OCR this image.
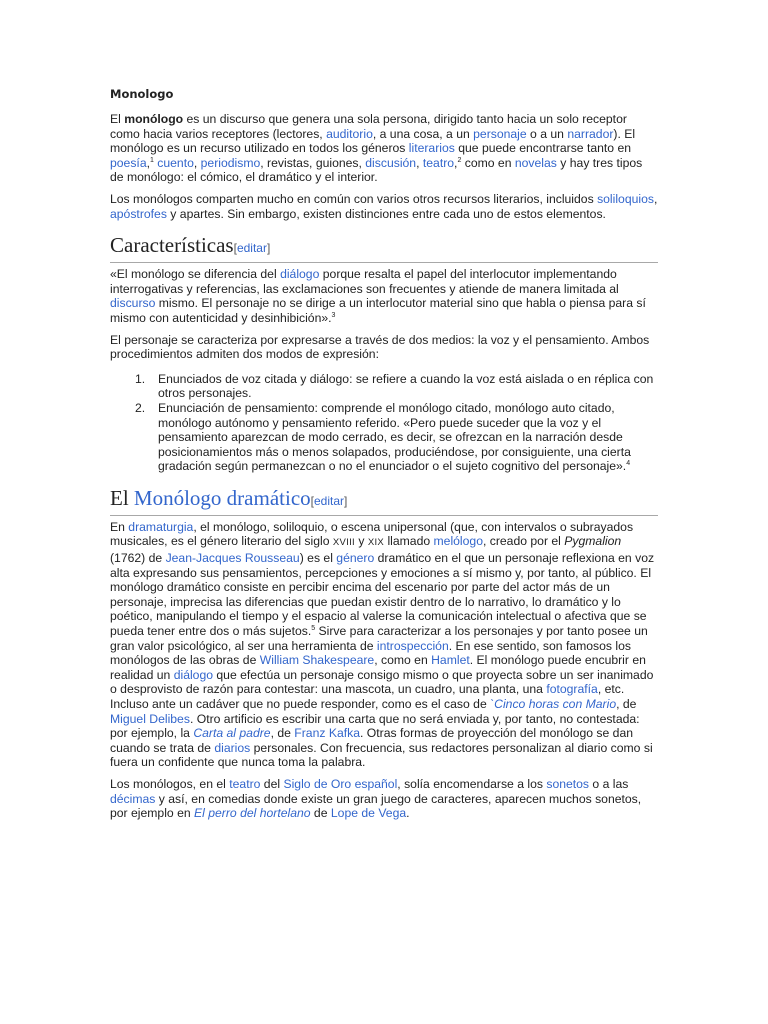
Monologo

El monólogo es un discurso que genera una sola persona, dirigido tanto hacia un solo receptor como hacia varios receptores (lectores, auditorio, a una cosa, a un personaje o a un narrador). El monólogo es un recurso utilizado en todos los géneros literarios que puede encontrarse tanto en poesía,$^1$ cuento, periodismo, revistas, guiones, discusión, teatro,$^2$ como en novelas y hay tres tipos de monólogo: el cómico, el dramático y el interior.

Los monólogos comparten mucho en común con varios otros recursos literarios, incluidos soliloquios, apóstrofes y apartes. Sin embargo, existen distinciones entre cada uno de estos elementos.

Características[editar]

«El monólogo se diferencia del diálogo porque resalta el papel del interlocutor implementando interrogativas y referencias, las exclamaciones son frecuentes y atiende de manera limitada al discurso mismo. El personaje no se dirige a un interlocutor material sino que habla o piensa para sí mismo con autenticidad y desinhibición».$^3$

El personaje se caracteriza por expresarse a través de dos medios: la voz y el pensamiento. Ambos procedimientos admiten dos modos de expresión:

1. Enunciados de voz citada y diálogo: se refiere a cuando la voz está aislada o en réplica con otros personajes.
2. Enunciación de pensamiento: comprende el monólogo citado, monólogo auto citado, monólogo autónomo y pensamiento referido. «Pero puede suceder que la voz y el pensamiento aparezcan de modo cerrado, es decir, se ofrezcan en la narración desde posicionamientos más o menos solapados, produciéndose, por consiguiente, una cierta gradación según permanezcan o no el enunciador o el sujeto cognitivo del personaje».$^4$
El Monólogo dramático[editar]

En dramaturgia, el monólogo, soliloquio, o escena unipersonal (que, con intervalos o subrayados musicales, es el género literario del siglo XVIII y XIX llamado melólogo, creado por el Pygmalion (1762) de Jean-Jacques Rousseau) es el género dramático en el que un personaje reflexiona en voz alta expresando sus pensamientos, percepciones y emociones a sí mismo y, por tanto, al público. El monólogo dramático consiste en percibir encima del escenario por parte del actor más de un personaje, imprecisa las diferencias que puedan existir dentro de lo narrativo, lo dramático y lo poético, manipulando el tiempo y el espacio al valerse la comunicación intelectual o afectiva que se pueda tener entre dos o más sujetos.$^5$ Sirve para caracterizar a los personajes y por tanto posee un gran valor psicológico, al ser una herramienta de introspección. En ese sentido, son famosos los monólogos de las obras de William Shakespeare, como en Hamlet. El monólogo puede encubrir en realidad un diálogo que efectúa un personaje consigo mismo o que proyecta sobre un ser inanimado o desprovisto de razón para contestar: una mascota, un cuadro, una planta, una fotografía, etc. Incluso ante un cadáver que no puede responder, como es el caso de `Cinco horas con Mario, de Miguel Delibes. Otro artificio es escribir una carta que no será enviada y, por tanto, no contestada: por ejemplo, la Carta al padre, de Franz Kafka. Otras formas de proyección del monólogo se dan cuando se trata de diarios personales. Con frecuencia, sus redactores personalizan al diario como si fuera un confidente que nunca toma la palabra.

Los monólogos, en el teatro del Siglo de Oro español, solía encomendarse a los sonetos o a las décimas y así, en comedias donde existe un gran juego de caracteres, aparecen muchos sonetos, por ejemplo en El perro del hortelano de Lope de Vega.
